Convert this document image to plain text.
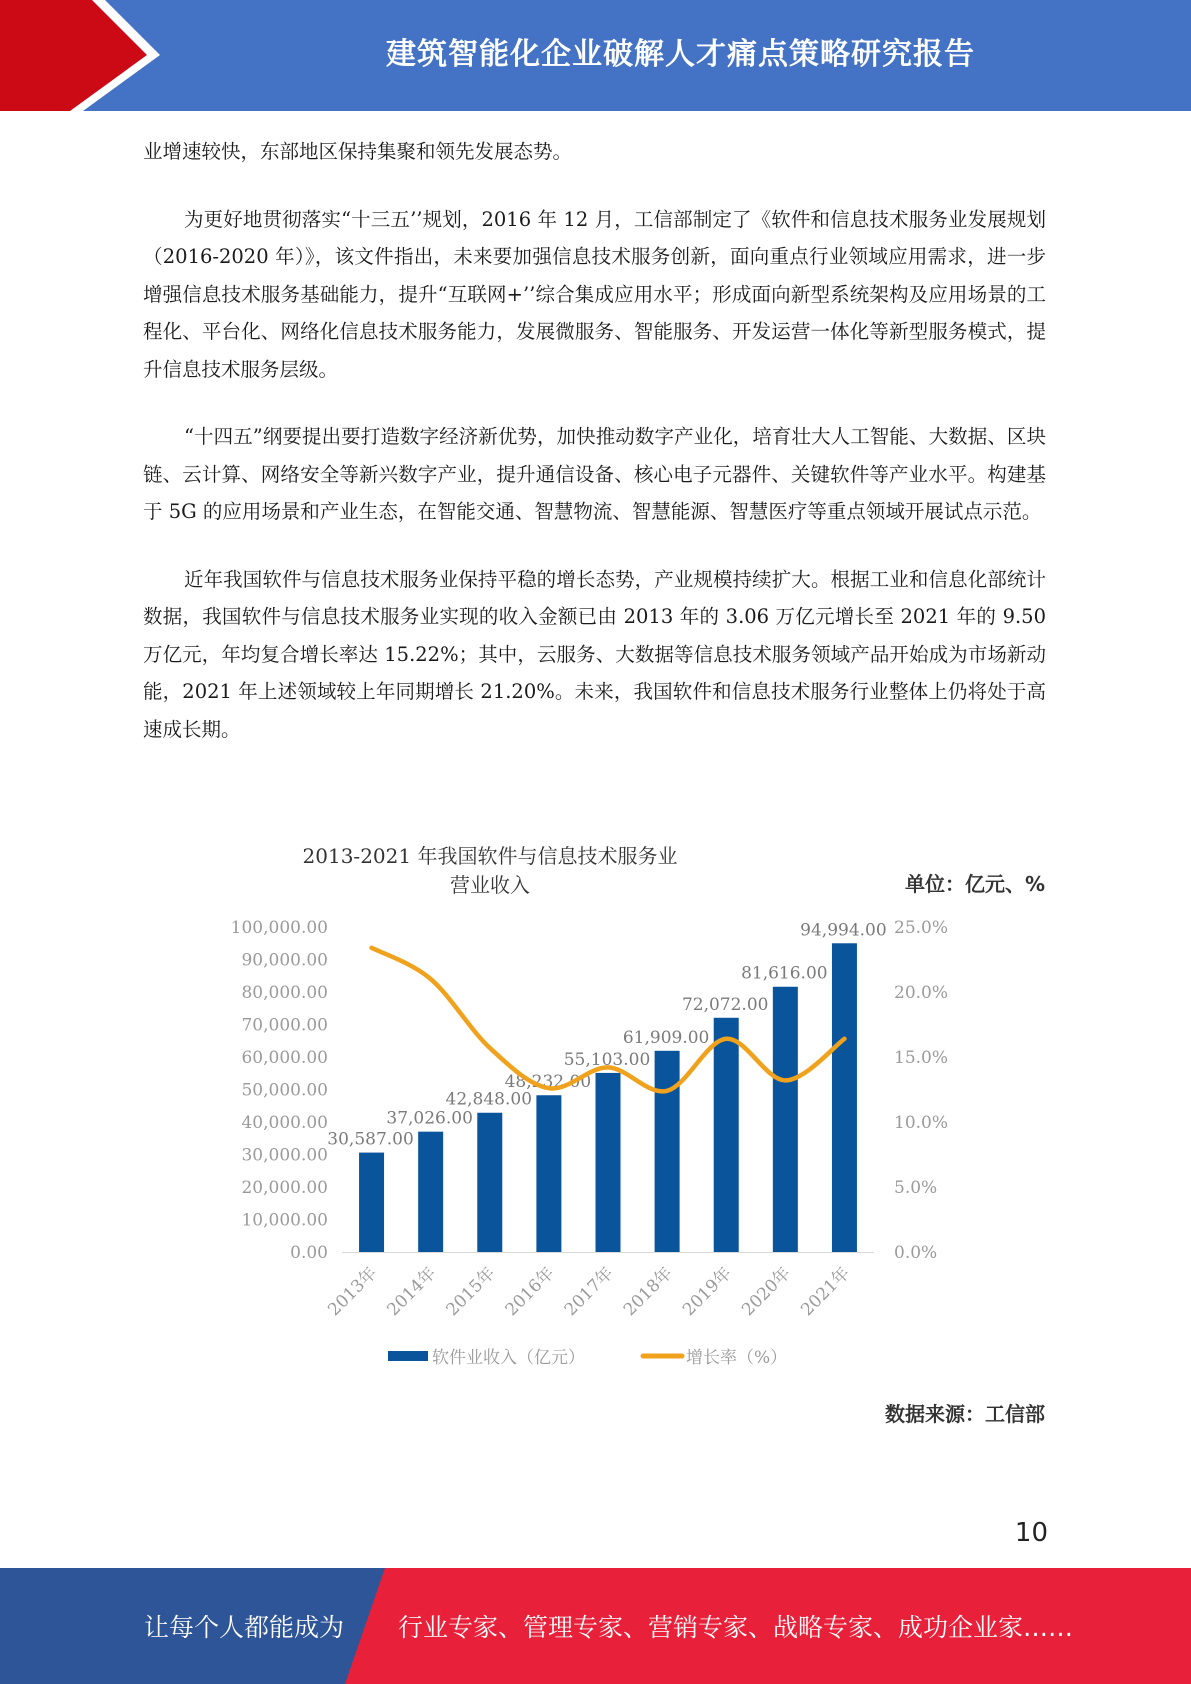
建筑智能化企业破解人才痛点策略研究报告

业增速较快，东部地区保持集聚和领先发展态势。

为更好地贯彻落实“十三五’’规划，2016 年 12 月，工信部制定了《软件和信息技术服务业发展规划（2016-2020 年）》，该文件指出，未来要加强信息技术服务创新，面向重点行业领域应用需求，进一步增强信息技术服务基础能力，提升“互联网+’’综合集成应用水平；形成面向新型系统架构及应用场景的工程化、平台化、网络化信息技术服务能力，发展微服务、智能服务、开发运营一体化等新型服务模式，提升信息技术服务层级。

“十四五”纲要提出要打造数字经济新优势，加快推动数字产业化，培育壮大人工智能、大数据、区块链、云计算、网络安全等新兴数字产业，提升通信设备、核心电子元器件、关键软件等产业水平。构建基于 5G 的应用场景和产业生态，在智能交通、智慧物流、智慧能源、智慧医疗等重点领域开展试点示范。

近年我国软件与信息技术服务业保持平稳的增长态势，产业规模持续扩大。根据工业和信息化部统计数据，我国软件与信息技术服务业实现的收入金额已由 2013 年的 3.06 万亿元增长至 2021 年的 9.50 万亿元，年均复合增长率达 15.22%；其中，云服务、大数据等信息技术服务领域产品开始成为市场新动能，2021 年上述领域较上年同期增长 21.20%。未来，我国软件和信息技术服务行业整体上仍将处于高速成长期。

2013-2021 年我国软件与信息技术服务业营业收入	单位：亿元、%
0.00
10,000.00
20,000.00
30,000.00
40,000.00
50,000.00
60,000.00
70,000.00
80,000.00
90,000.00
100,000.00
0.0%
5.0%
10.0%
15.0%
20.0%
25.0%
30,587.00
37,026.00
42,848.00
48,232.00
55,103.00
61,909.00
72,072.00
81,616.00
94,994.00
2013年 2014年 2015年 2016年 2017年 2018年 2019年 2020年 2021年
软件业收入（亿元）	增长率（%）
数据来源：工信部
10
让每个人都能成为 行业专家、管理专家、营销专家、战略专家、成功企业家……
